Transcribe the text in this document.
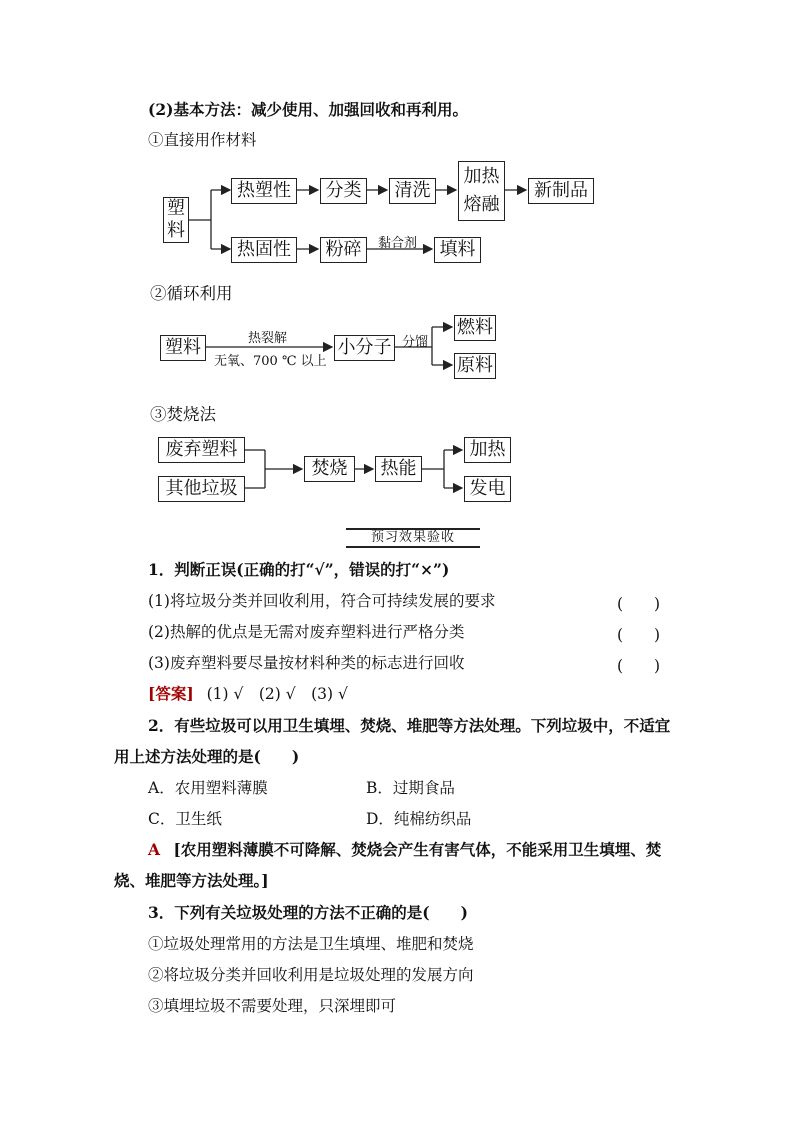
(2)基本方法：减少使用、加强回收和再利用。
①直接用作材料
塑料
热塑性	分类	清洗
加热熔融
新制品
热固性	粉碎	黏合剂	填料
②循环利用
塑料	热裂解
无氧、700 ℃ 以上
小分子 分馏
燃料
原料
③焚烧法
废弃塑料
其他垃圾
焚烧	热能
加热
发电
预习效果验收
1．判断正误(正确的打“√”，错误的打“×”)
(1)将垃圾分类并回收利用，符合可持续发展的要求	(　　)
(2)热解的优点是无需对废弃塑料进行严格分类	(　　)
(3)废弃塑料要尽量按材料种类的标志进行回收	(　　)
[答案] (1) √　(2) √　(3) √
2．有些垃圾可以用卫生填埋、焚烧、堆肥等方法处理。下列垃圾中，不适宜
用上述方法处理的是(　　)
A．农用塑料薄膜	B．过期食品
C．卫生纸	D．纯棉纺织品
A [农用塑料薄膜不可降解、焚烧会产生有害气体，不能采用卫生填埋、焚
烧、堆肥等方法处理。]
3．下列有关垃圾处理的方法不正确的是(　　)
①垃圾处理常用的方法是卫生填埋、堆肥和焚烧
②将垃圾分类并回收利用是垃圾处理的发展方向
③填埋垃圾不需要处理，只深埋即可
